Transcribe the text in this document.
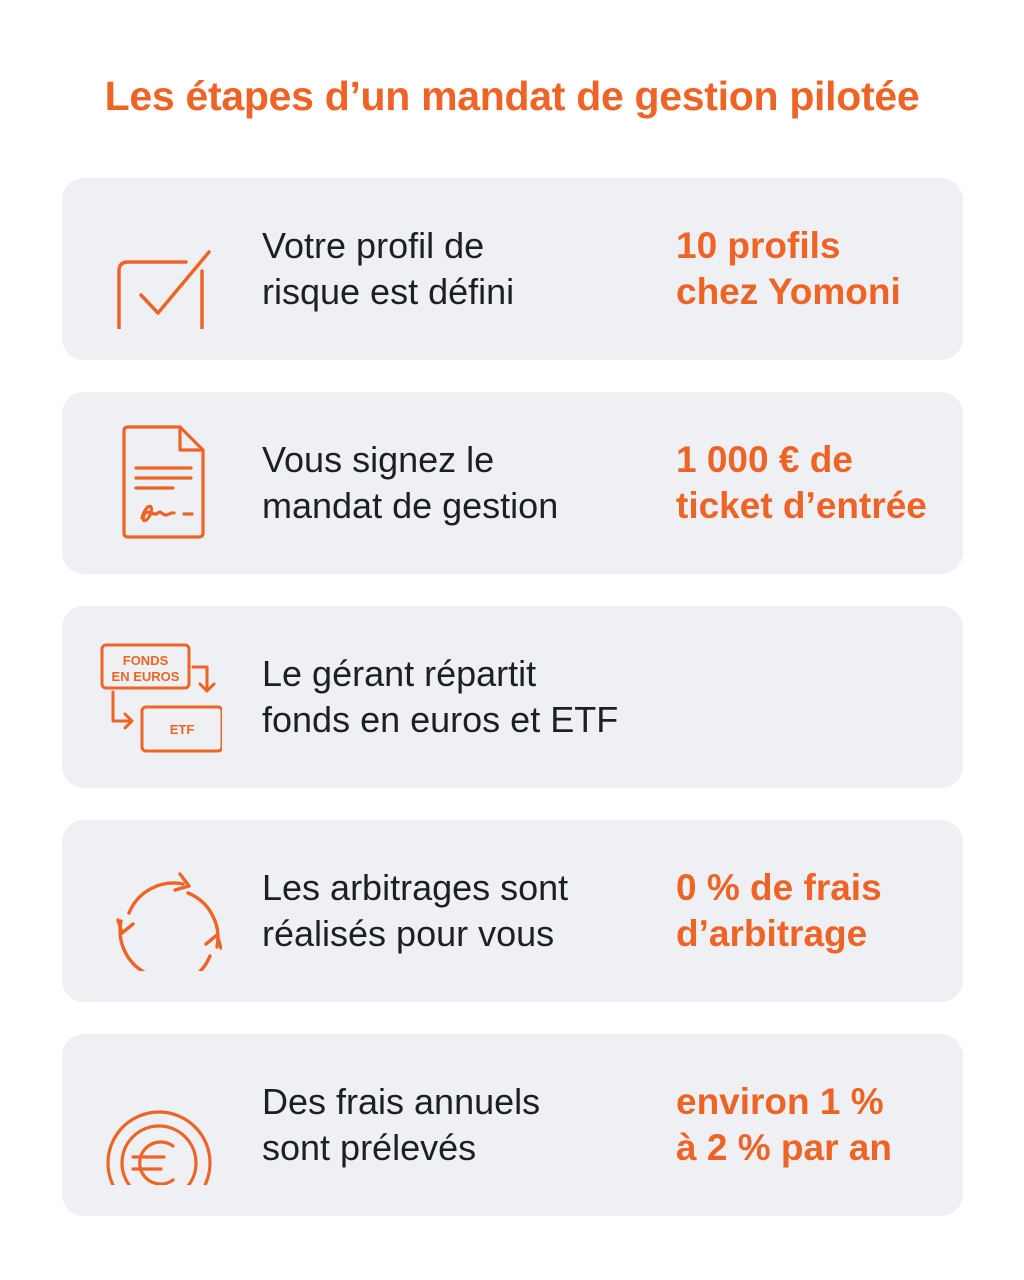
Les étapes d’un mandat de gestion pilotée
Votre profil de
risque est défini
10 profils
chez Yomoni
Vous signez le
mandat de gestion
1 000 € de
ticket d’entrée
FONDS
EN EUROS
ETF
Le gérant répartit
fonds en euros et ETF
Les arbitrages sont
réalisés pour vous
0 % de frais
d’arbitrage
Des frais annuels
sont prélevés
environ 1 %
à 2 % par an
